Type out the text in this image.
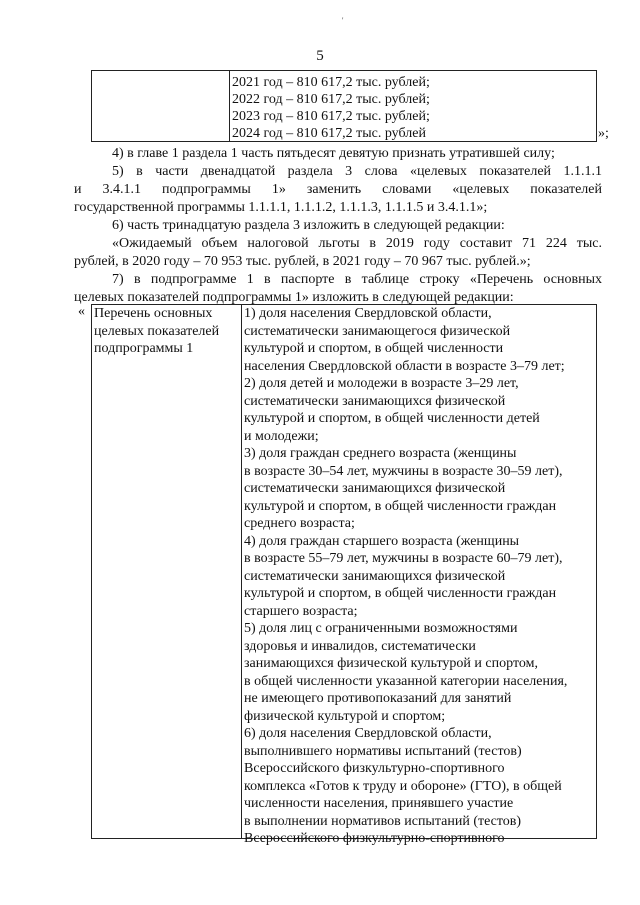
'
5
2021 год – 810 617,2 тыс. рублей;
2022 год – 810 617,2 тыс. рублей;
2023 год – 810 617,2 тыс. рублей;
2024 год – 810 617,2 тыс. рублей	»;
4) в главе 1 раздела 1 часть пятьдесят девятую признать утратившей силу;
5) в части двенадцатой раздела 3 слова «целевых показателей 1.1.1.1
и 3.4.1.1 подпрограммы 1» заменить словами «целевых показателей
государственной программы 1.1.1.1, 1.1.1.2, 1.1.1.3, 1.1.1.5 и 3.4.1.1»;
6) часть тринадцатую раздела 3 изложить в следующей редакции:
«Ожидаемый объем налоговой льготы в 2019 году составит 71 224 тыс.
рублей, в 2020 году – 70 953 тыс. рублей, в 2021 году – 70 967 тыс. рублей.»;
7) в подпрограмме 1 в паспорте в таблице строку «Перечень основных
целевых показателей подпрограммы 1» изложить в следующей редакции:
« Перечень основных целевых показателей подпрограммы 1
1) доля населения Свердловской области,
систематически занимающегося физической
культурой и спортом, в общей численности
населения Свердловской области в возрасте 3–79 лет;
2) доля детей и молодежи в возрасте 3–29 лет,
систематически занимающихся физической
культурой и спортом, в общей численности детей
и молодежи;
3) доля граждан среднего возраста (женщины
в возрасте 30–54 лет, мужчины в возрасте 30–59 лет),
систематически занимающихся физической
культурой и спортом, в общей численности граждан
среднего возраста;
4) доля граждан старшего возраста (женщины
в возрасте 55–79 лет, мужчины в возрасте 60–79 лет),
систематически занимающихся физической
культурой и спортом, в общей численности граждан
старшего возраста;
5) доля лиц с ограниченными возможностями
здоровья и инвалидов, систематически
занимающихся физической культурой и спортом,
в общей численности указанной категории населения,
не имеющего противопоказаний для занятий
физической культурой и спортом;
6) доля населения Свердловской области,
выполнившего нормативы испытаний (тестов)
Всероссийского физкультурно-спортивного
комплекса «Готов к труду и обороне» (ГТО), в общей
численности населения, принявшего участие
в выполнении нормативов испытаний (тестов)
Всероссийского физкультурно-спортивного
